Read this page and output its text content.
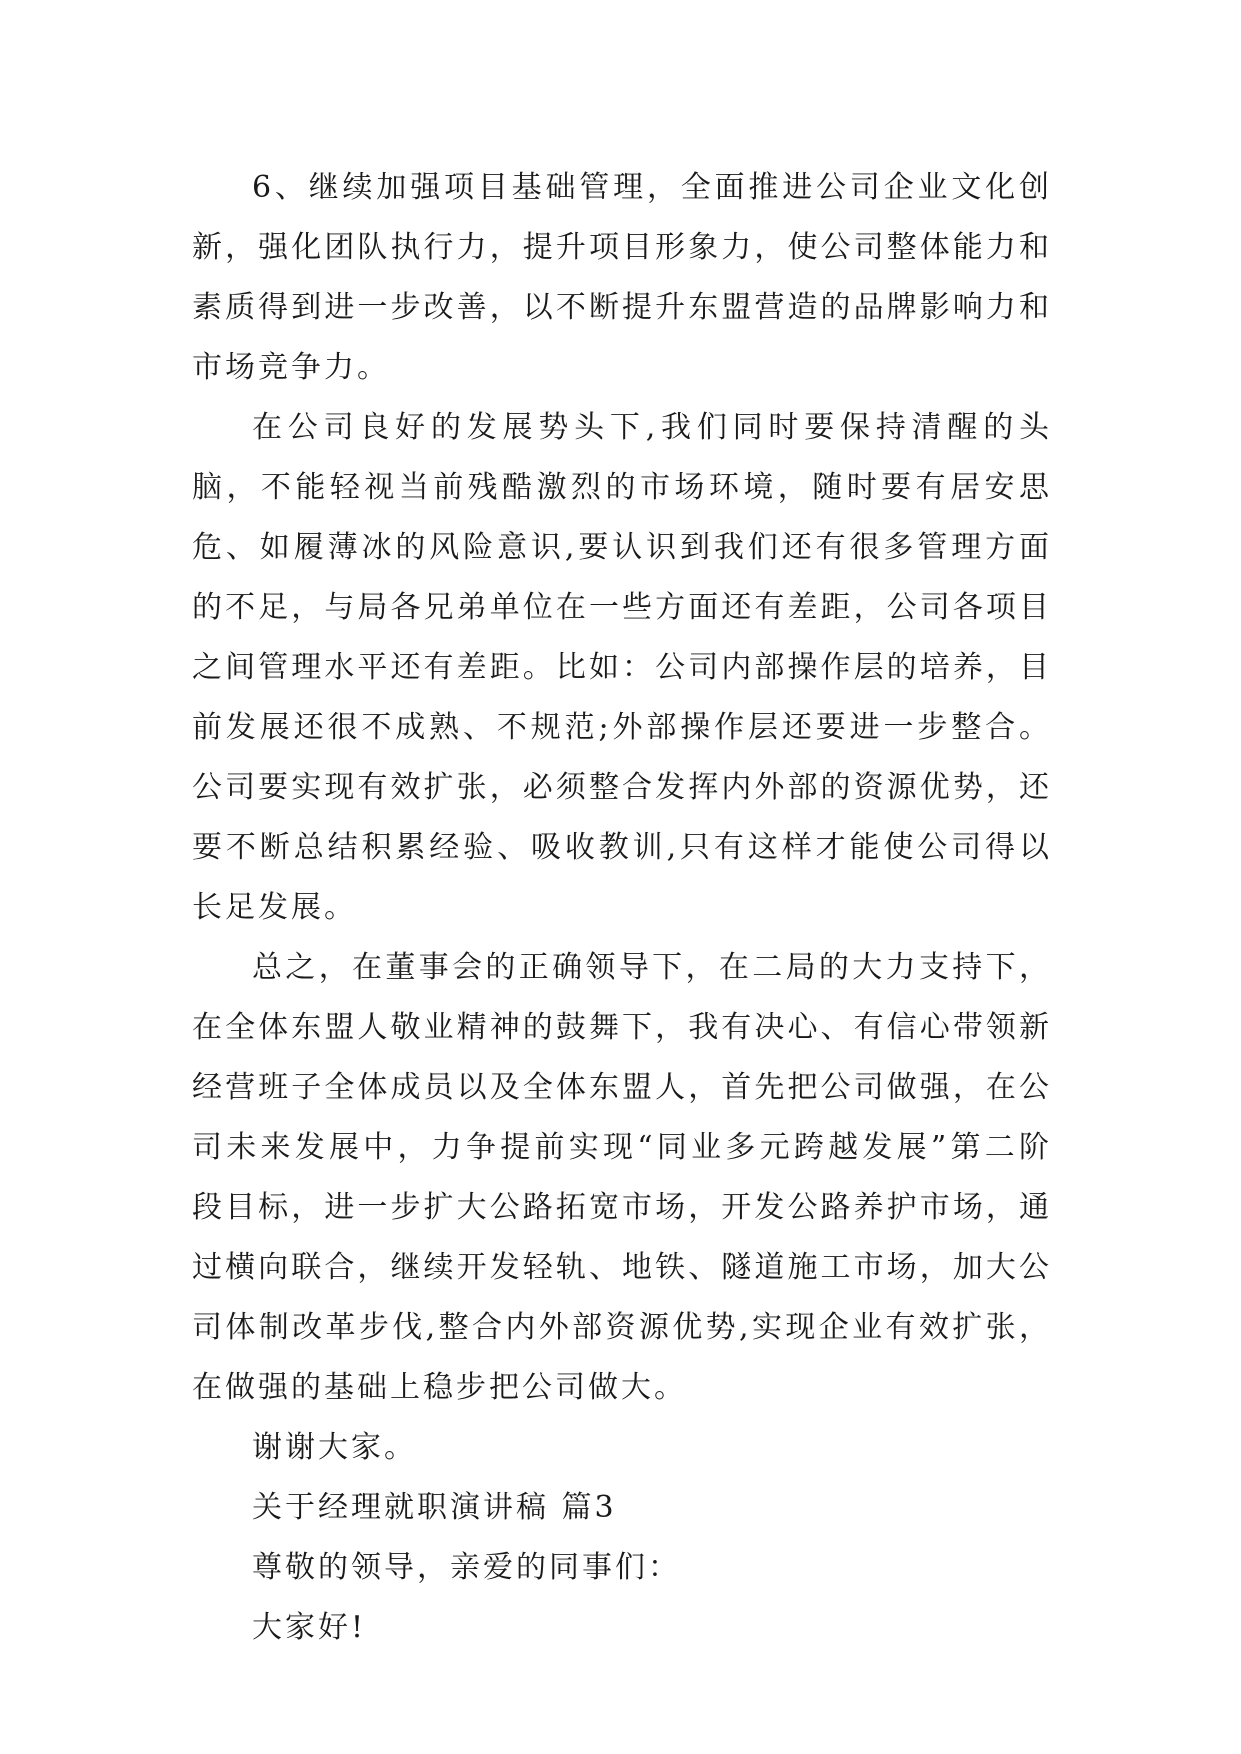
6、继续加强项目基础管理，全面推进公司企业文化创新，强化团队执行力，提升项目形象力，使公司整体能力和素质得到进一步改善，以不断提升东盟营造的品牌影响力和市场竞争力。

在公司良好的发展势头下,我们同时要保持清醒的头脑，不能轻视当前残酷激烈的市场环境，随时要有居安思危、如履薄冰的风险意识,要认识到我们还有很多管理方面的不足，与局各兄弟单位在一些方面还有差距，公司各项目之间管理水平还有差距。比如：公司内部操作层的培养，目前发展还很不成熟、不规范;外部操作层还要进一步整合。公司要实现有效扩张，必须整合发挥内外部的资源优势，还要不断总结积累经验、吸收教训,只有这样才能使公司得以长足发展。

总之，在董事会的正确领导下，在二局的大力支持下，在全体东盟人敬业精神的鼓舞下，我有决心、有信心带领新经营班子全体成员以及全体东盟人，首先把公司做强，在公司未来发展中，力争提前实现“同业多元跨越发展”第二阶段目标，进一步扩大公路拓宽市场，开发公路养护市场，通过横向联合，继续开发轻轨、地铁、隧道施工市场，加大公司体制改革步伐,整合内外部资源优势,实现企业有效扩张，在做强的基础上稳步把公司做大。

谢谢大家。

关于经理就职演讲稿 篇3

尊敬的领导，亲爱的同事们：

大家好!
